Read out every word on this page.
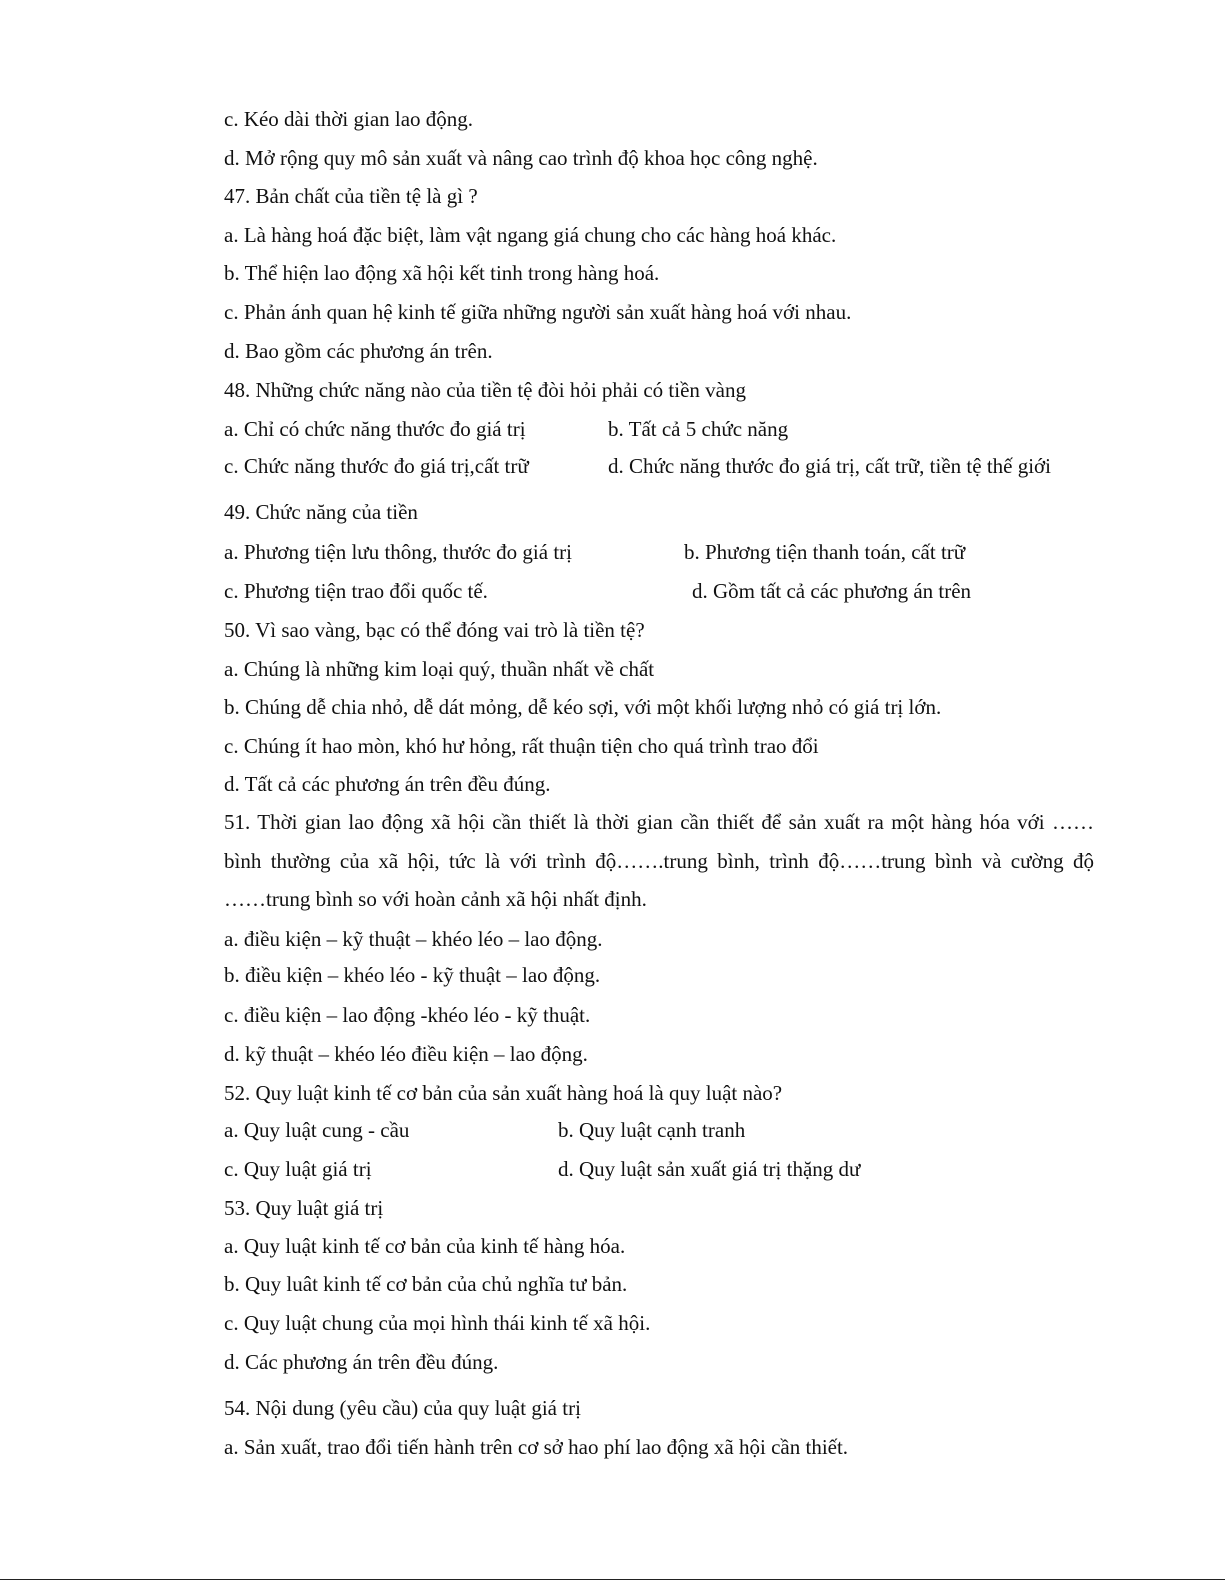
c. Kéo dài thời gian lao động.
d. Mở rộng quy mô sản xuất và nâng cao trình độ khoa học công nghệ.
47. Bản chất của tiền tệ là gì ?
a. Là hàng hoá đặc biệt, làm vật ngang giá chung cho các hàng hoá khác.
b. Thể hiện lao động xã hội kết tinh trong hàng hoá.
c. Phản ánh quan hệ kinh tế giữa những người sản xuất hàng hoá với nhau.
d. Bao gồm các phương án trên.
48. Những chức năng nào của tiền tệ đòi hỏi phải có tiền vàng
a. Chỉ có chức năng thước đo giá trị	b. Tất cả 5 chức năng
c. Chức năng thước đo giá trị,cất trữ	d. Chức năng thước đo giá trị, cất trữ, tiền tệ thế giới
49. Chức năng của tiền
a. Phương tiện lưu thông, thước đo giá trị	b. Phương tiện thanh toán, cất trữ
c. Phương tiện trao đổi quốc tế.	d. Gồm tất cả các phương án trên
50. Vì sao vàng, bạc có thể đóng vai trò là tiền tệ?
a. Chúng là những kim loại quý, thuần nhất về chất
b. Chúng dễ chia nhỏ, dễ dát mỏng, dễ kéo sợi, với một khối lượng nhỏ có giá trị lớn.
c. Chúng ít hao mòn, khó hư hỏng, rất thuận tiện cho quá trình trao đổi
d. Tất cả các phương án trên đều đúng.
51. Thời gian lao động xã hội cần thiết là thời gian cần thiết để sản xuất ra một hàng hóa với ……
bình thường của xã hội, tức là với trình độ…….trung bình, trình độ……trung bình và cường độ
……trung bình so với hoàn cảnh xã hội nhất định.
a. điều kiện – kỹ thuật – khéo léo – lao động.
b. điều kiện – khéo léo - kỹ thuật – lao động.
c. điều kiện – lao động -khéo léo - kỹ thuật.
d. kỹ thuật – khéo léo điều kiện – lao động.
52. Quy luật kinh tế cơ bản của sản xuất hàng hoá là quy luật nào?
a. Quy luật cung - cầu	b. Quy luật cạnh tranh
c. Quy luật giá trị	d. Quy luật sản xuất giá trị thặng dư
53. Quy luật giá trị
a. Quy luật kinh tế cơ bản của kinh tế hàng hóa.
b. Quy luât kinh tế cơ bản của chủ nghĩa tư bản.
c. Quy luật chung của mọi hình thái kinh tế xã hội.
d. Các phương án trên đều đúng.
54. Nội dung (yêu cầu) của quy luật giá trị
a. Sản xuất, trao đổi tiến hành trên cơ sở hao phí lao động xã hội cần thiết.
